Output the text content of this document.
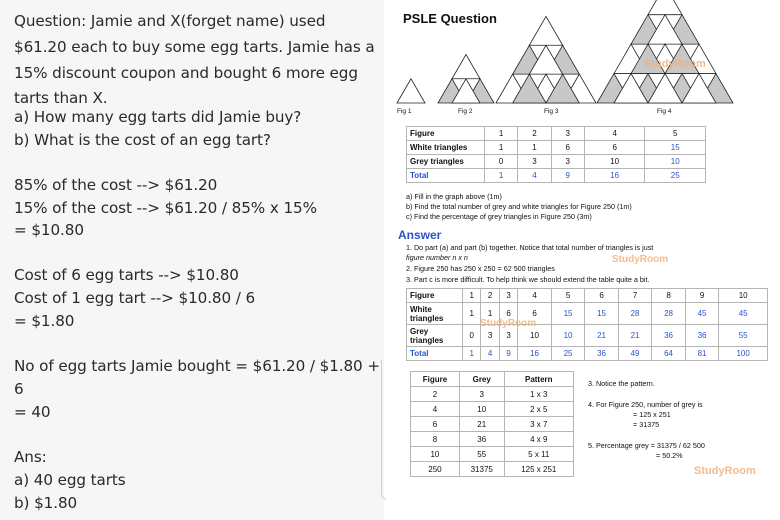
Question: Jamie and X(forget name) used
$61.20 each to buy some egg tarts. Jamie has a
15% discount coupon and bought 6 more egg
tarts than X.
a) How many egg tarts did Jamie buy?
b) What is the cost of an egg tart?
85% of the cost --> $61.20
15% of the cost --> $61.20 / 85% x 15%
= $10.80
Cost of 6 egg tarts --> $10.80
Cost of 1 egg tart --> $10.80 / 6
= $1.80
No of egg tarts Jamie bought = $61.20 / $1.80 +
6
= 40
Ans:
a) 40 egg tarts
b) $1.80
PSLE Question
Fig 1	Fig 2	Fig 3	Fig 4
StudyRoom
Figure	1	2	3	4	5
White triangles	1	1	6	6	15
Grey triangles	0	3	3	10	10
Total	1	4	9	16	25
a) Fill in the graph above (1m)
b) Find the total number of grey and white triangles for Figure 250 (1m)
c) Find the percentage of grey triangles in Figure 250 (3m)
Answer
1. Do part (a) and part (b) together. Notice that total number of triangles is just
figure number n x n
2. Figure 250 has 250 x 250 = 62 500 triangles
3. Part c is more difficult. To help think we should extend the table quite a bit.
StudyRoom
Figure	1	2	3	4	5	6	7	8	9	10
White triangles	1	1	6	6	15	15	28	28	45	45
Grey triangles	0	3	3	10	10	21	21	36	36	55
Total	1	4	9	16	25	36	49	64	81	100
StudyRoom
Figure	Grey	Pattern
2	3	1 x 3
4	10	2 x 5
6	21	3 x 7
8	36	4 x 9
10	55	5 x 11
250	31375	125 x 251
3. Notice the pattern.
4. For Figure 250, number of grey is
= 125 x 251
= 31375
5. Percentage grey = 31375 / 62 500
= 50.2%
StudyRoom
